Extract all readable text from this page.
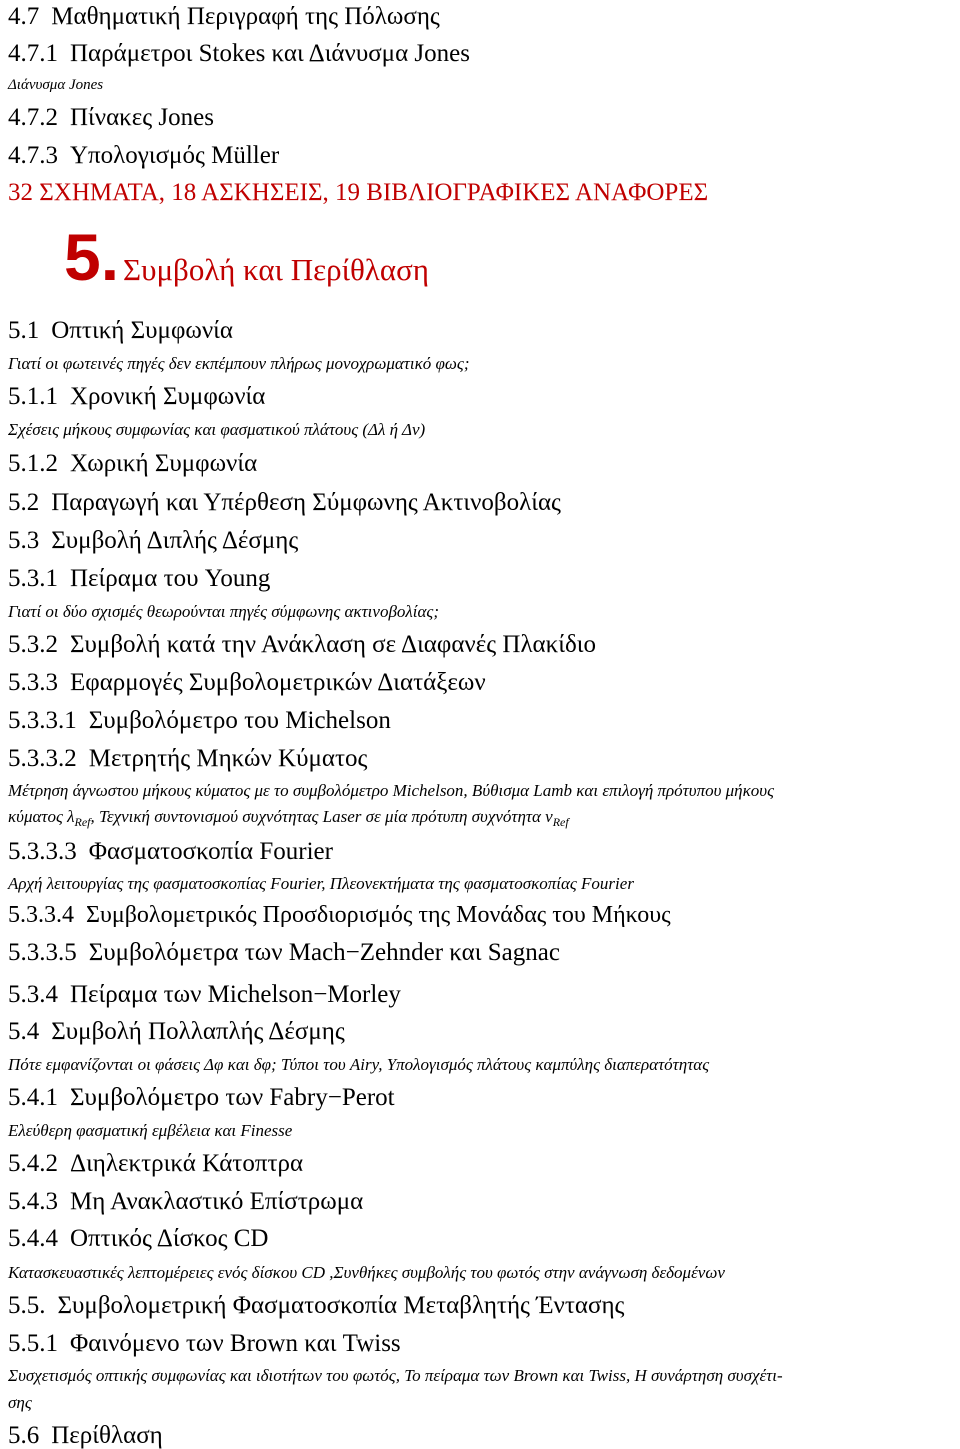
4.7 Μαθηματική Περιγραφή της Πόλωσης
4.7.1 Παράμετροι Stokes και Διάνυσμα Jones
Διάνυσμα Jones
4.7.2 Πίνακες Jones
4.7.3 Υπολογισμός Müller
32 ΣΧΗΜΑΤΑ, 18 ΑΣΚΗΣΕΙΣ, 19 ΒΙΒΛΙΟΓΡΑΦΙΚΕΣ ΑΝΑΦΟΡΕΣ
5. Συμβολή και Περίθλαση
5.1 Οπτική Συμφωνία
Γιατί οι φωτεινές πηγές δεν εκπέμπουν πλήρως μονοχρωματικό φως;
5.1.1 Χρονική Συμφωνία
Σχέσεις μήκους συμφωνίας και φασματικού πλάτους (Δλ ή Δν)
5.1.2 Χωρική Συμφωνία
5.2 Παραγωγή και Υπέρθεση Σύμφωνης Ακτινοβολίας
5.3 Συμβολή Διπλής Δέσμης
5.3.1 Πείραμα του Young
Γιατί οι δύο σχισμές θεωρούνται πηγές σύμφωνης ακτινοβολίας;
5.3.2 Συμβολή κατά την Ανάκλαση σε Διαφανές Πλακίδιο
5.3.3 Εφαρμογές Συμβολομετρικών Διατάξεων
5.3.3.1 Συμβολόμετρο του Michelson
5.3.3.2 Μετρητής Μηκών Κύματος
Μέτρηση άγνωστου μήκους κύματος με το συμβολόμετρο Michelson, Βύθισμα Lamb και επιλογή πρότυπου μήκους
κύματος $\lambda_{Ref}$, Τεχνική συντονισμού συχνότητας Laser σε μία πρότυπη συχνότητα $\nu_{Ref}$
5.3.3.3 Φασματοσκοπία Fourier
Αρχή λειτουργίας της φασματοσκοπίας Fourier, Πλεονεκτήματα της φασματοσκοπίας Fourier
5.3.3.4 Συμβολομετρικός Προσδιορισμός της Μονάδας του Μήκους
5.3.3.5 Συμβολόμετρα των Mach−Zehnder και Sagnac
5.3.4 Πείραμα των Michelson−Morley
5.4 Συμβολή Πολλαπλής Δέσμης
Πότε εμφανίζονται οι φάσεις Δφ και δφ; Τύποι του Airy, Υπολογισμός πλάτους καμπύλης διαπερατότητας
5.4.1 Συμβολόμετρο των Fabry−Perot
Ελεύθερη φασματική εμβέλεια και Finesse
5.4.2 Διηλεκτρικά Κάτοπτρα
5.4.3 Μη Ανακλαστικό Επίστρωμα
5.4.4 Οπτικός Δίσκος CD
Κατασκευαστικές λεπτομέρειες ενός δίσκου CD ,Συνθήκες συμβολής του φωτός στην ανάγνωση δεδομένων
5.5. Συμβολομετρική Φασματοσκοπία Μεταβλητής Έντασης
5.5.1 Φαινόμενο των Brown και Twiss
Συσχετισμός οπτικής συμφωνίας και ιδιοτήτων του φωτός, Το πείραμα των Brown και Twiss, Η συνάρτηση συσχέτι-
σης
5.6 Περίθλαση
